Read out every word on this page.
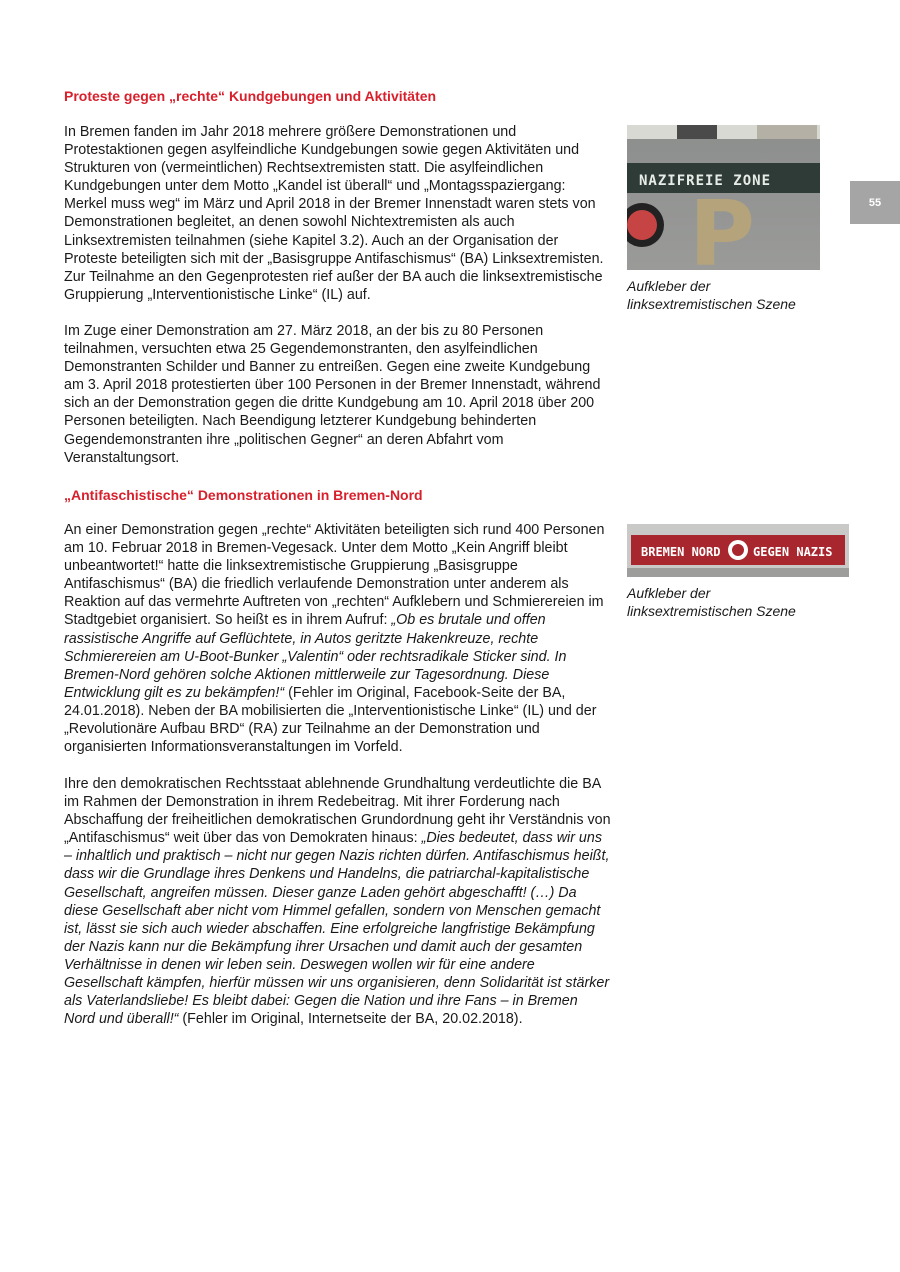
55
Proteste gegen „rechte“ Kundgebungen und Aktivitäten

In Bremen fanden im Jahr 2018 mehrere größere Demonstrationen und Protestaktionen gegen asylfeindliche Kundgebungen sowie gegen Aktivitäten und Strukturen von (vermeintlichen) Rechtsextremisten statt. Die asylfeindlichen Kundgebungen unter dem Motto „Kandel ist überall“ und „Montagsspaziergang: Merkel muss weg“ im März und April 2018 in der Bremer Innenstadt waren stets von Demonstrationen begleitet, an denen sowohl Nichtextremisten als auch Linksextremisten teilnahmen (siehe Kapitel 3.2). Auch an der Organisation der Proteste beteiligten sich mit der „Basisgruppe Antifaschismus“ (BA) Linksextremisten. Zur Teilnahme an den Gegenprotesten rief außer der BA auch die linksextremistische Gruppierung „Interventionistische Linke“ (IL) auf.

Im Zuge einer Demonstration am 27. März 2018, an der bis zu 80 Personen teilnahmen, versuchten etwa 25 Gegendemonstranten, den asylfeindlichen Demonstranten Schilder und Banner zu entreißen. Gegen eine zweite Kundgebung am 3. April 2018 protestierten über 100 Personen in der Bremer Innenstadt, während sich an der Demonstration gegen die dritte Kundgebung am 10. April 2018 über 200 Personen beteiligten. Nach Beendigung letzterer Kundgebung behinderten Gegendemonstranten ihre „politischen Gegner“ an deren Abfahrt vom Veranstaltungsort.

NAZIFREIE ZONE
P

Aufkleber der linksextremistischen Szene

„Antifaschistische“ Demonstrationen in Bremen-Nord

An einer Demonstration gegen „rechte“ Aktivitäten beteiligten sich rund 400 Personen am 10. Februar 2018 in Bremen-Vegesack. Unter dem Motto „Kein Angriff bleibt unbeantwortet!“ hatte die linksextremistische Gruppierung „Basisgruppe Antifaschismus“ (BA) die friedlich verlaufende Demonstration unter anderem als Reaktion auf das vermehrte Auftreten von „rechten“ Aufklebern und Schmierereien im Stadtgebiet organisiert. So heißt es in ihrem Aufruf: „Ob es brutale und offen rassistische Angriffe auf Geflüchtete, in Autos geritzte Hakenkreuze, rechte Schmierereien am U-Boot-Bunker „Valentin“ oder rechtsradikale Sticker sind. In Bremen-Nord gehören solche Aktionen mittlerweile zur Tagesordnung. Diese Entwicklung gilt es zu bekämpfen!“ (Fehler im Original, Facebook-Seite der BA, 24.01.2018). Neben der BA mobilisierten die „Interventionistische Linke“ (IL) und der „Revolutionäre Aufbau BRD“ (RA) zur Teilnahme an der Demonstration und organisierten Informationsveranstaltungen im Vorfeld.

Ihre den demokratischen Rechtsstaat ablehnende Grundhaltung verdeutlichte die BA im Rahmen der Demonstration in ihrem Redebeitrag. Mit ihrer Forderung nach Abschaffung der freiheitlichen demokratischen Grundordnung geht ihr Verständnis von „Antifaschismus“ weit über das von Demokraten hinaus: „Dies bedeutet, dass wir uns – inhaltlich und praktisch – nicht nur gegen Nazis richten dürfen. Antifaschismus heißt, dass wir die Grundlage ihres Denkens und Handelns, die patriarchal-kapitalistische Gesellschaft, angreifen müssen. Dieser ganze Laden gehört abgeschafft! (…) Da diese Gesellschaft aber nicht vom Himmel gefallen, sondern von Menschen gemacht ist, lässt sie sich auch wieder abschaffen. Eine erfolgreiche langfristige Bekämpfung der Nazis kann nur die Bekämpfung ihrer Ursachen und damit auch der gesamten Verhältnisse in denen wir leben sein. Deswegen wollen wir für eine andere Gesellschaft kämpfen, hierfür müssen wir uns organisieren, denn Solidarität ist stärker als Vaterlandsliebe! Es bleibt dabei: Gegen die Nation und ihre Fans – in Bremen Nord und überall!“ (Fehler im Original, Internetseite der BA, 20.02.2018).

BREMEN NORD	GEGEN NAZIS

Aufkleber der linksextremistischen Szene
